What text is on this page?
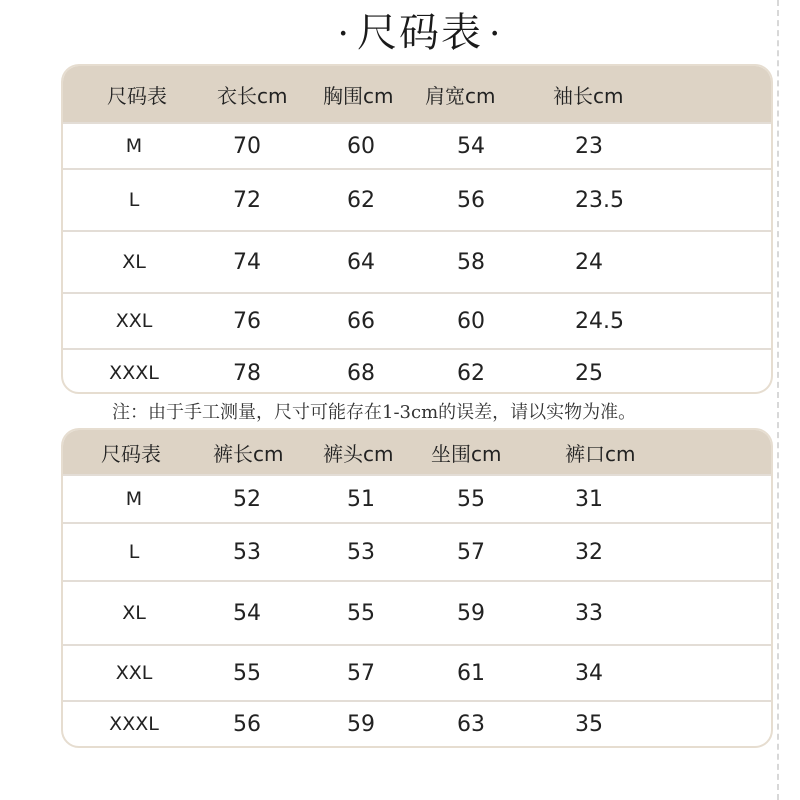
· 尺码表 ·
尺码表	衣长cm 胸围cm 肩宽cm	袖长cm
M	70	60	54	23
L	72	62	56	23.5
XL	74	64	58	24
XXL	76	66	60	24.5
XXXL	78	68	62	25
注：由于手工测量，尺寸可能存在1-3cm的误差，请以实物为准。
尺码表	裤长cm 裤头cm 坐围cm	裤口cm
M	52	51	55	31
L	53	53	57	32
XL	54	55	59	33
XXL	55	57	61	34
XXXL	56	59	63	35
